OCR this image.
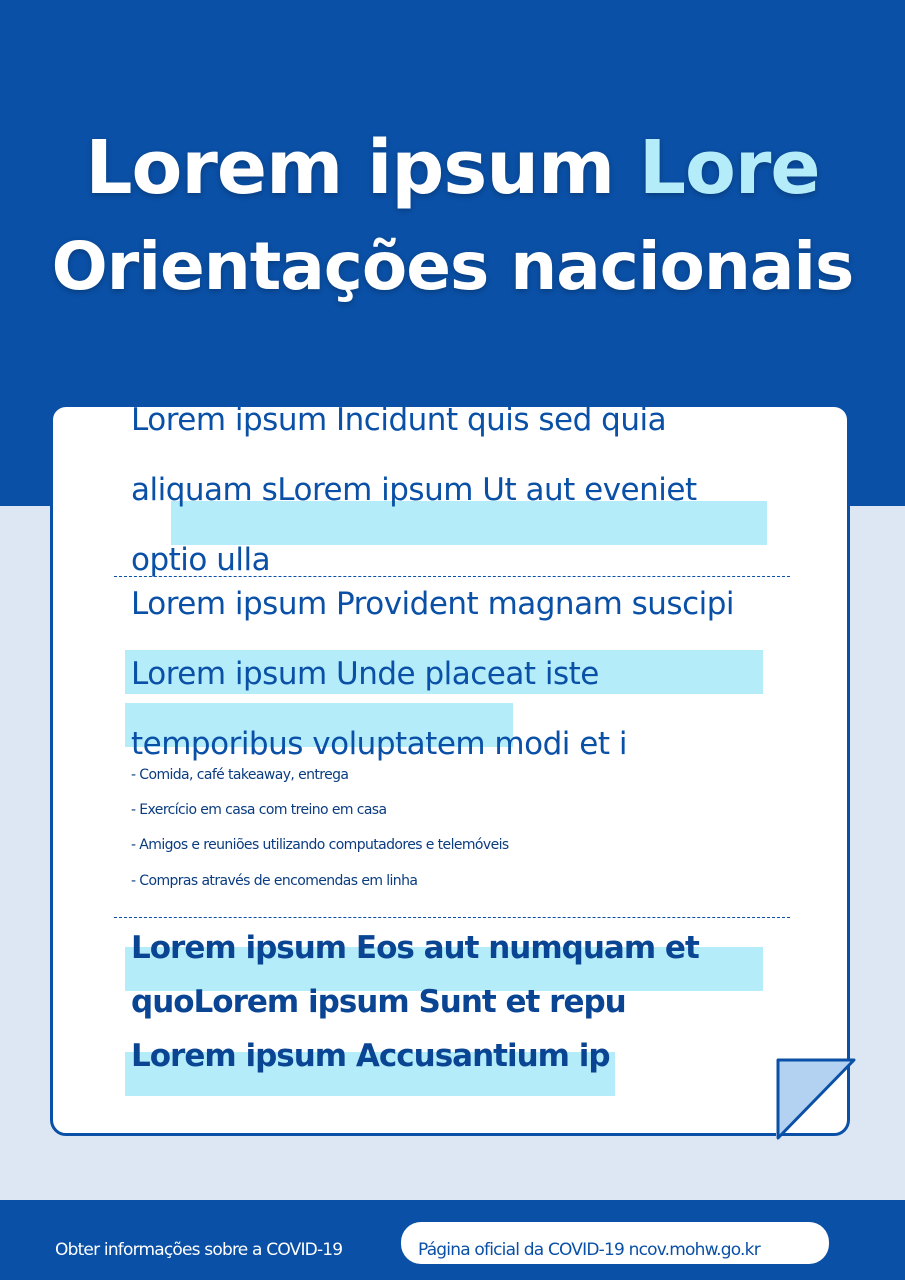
Lorem ipsum Lore
Orientações nacionais
Lorem ipsum Incidunt quis sed quia
aliquam sLorem ipsum Ut aut eveniet
optio ulla
Lorem ipsum Provident magnam suscipi
Lorem ipsum Unde placeat iste
temporibus voluptatem modi et i
- Comida, café takeaway, entrega
- Exercício em casa com treino em casa
- Amigos e reuniões utilizando computadores e telemóveis
- Compras através de encomendas em linha
Lorem ipsum Eos aut numquam et
quoLorem ipsum Sunt et repu
Lorem ipsum Accusantium ip
Obter informações sobre a COVID-19	Página oficial da COVID-19 ncov.mohw.go.kr
